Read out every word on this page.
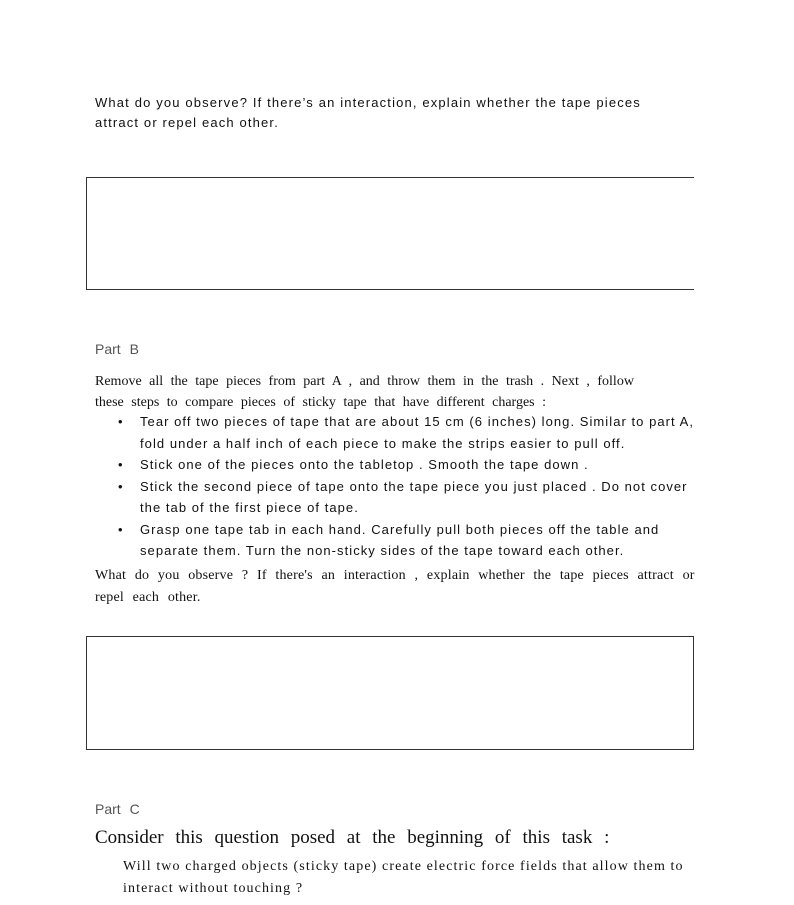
What do you observe? If there’s an interaction, explain whether the tape pieces attract or repel each other.
Part B
Remove all the tape pieces from part A , and throw them in the trash . Next , follow these steps to compare pieces of sticky tape that have different charges :
• Tear off two pieces of tape that are about 15 cm (6 inches) long. Similar to part A, fold under a half inch of each piece to make the strips easier to pull off.
• Stick one of the pieces onto the tabletop . Smooth the tape down .
• Stick the second piece of tape onto the tape piece you just placed . Do not cover the tab of the first piece of tape.
• Grasp one tape tab in each hand. Carefully pull both pieces off the table and separate them. Turn the non-sticky sides of the tape toward each other.
What do you observe ? If there's an interaction , explain whether the tape pieces attract or repel each other.
Part C
Consider this question posed at the beginning of this task :
Will two charged objects (sticky tape) create electric force fields that allow them to interact without touching ?
